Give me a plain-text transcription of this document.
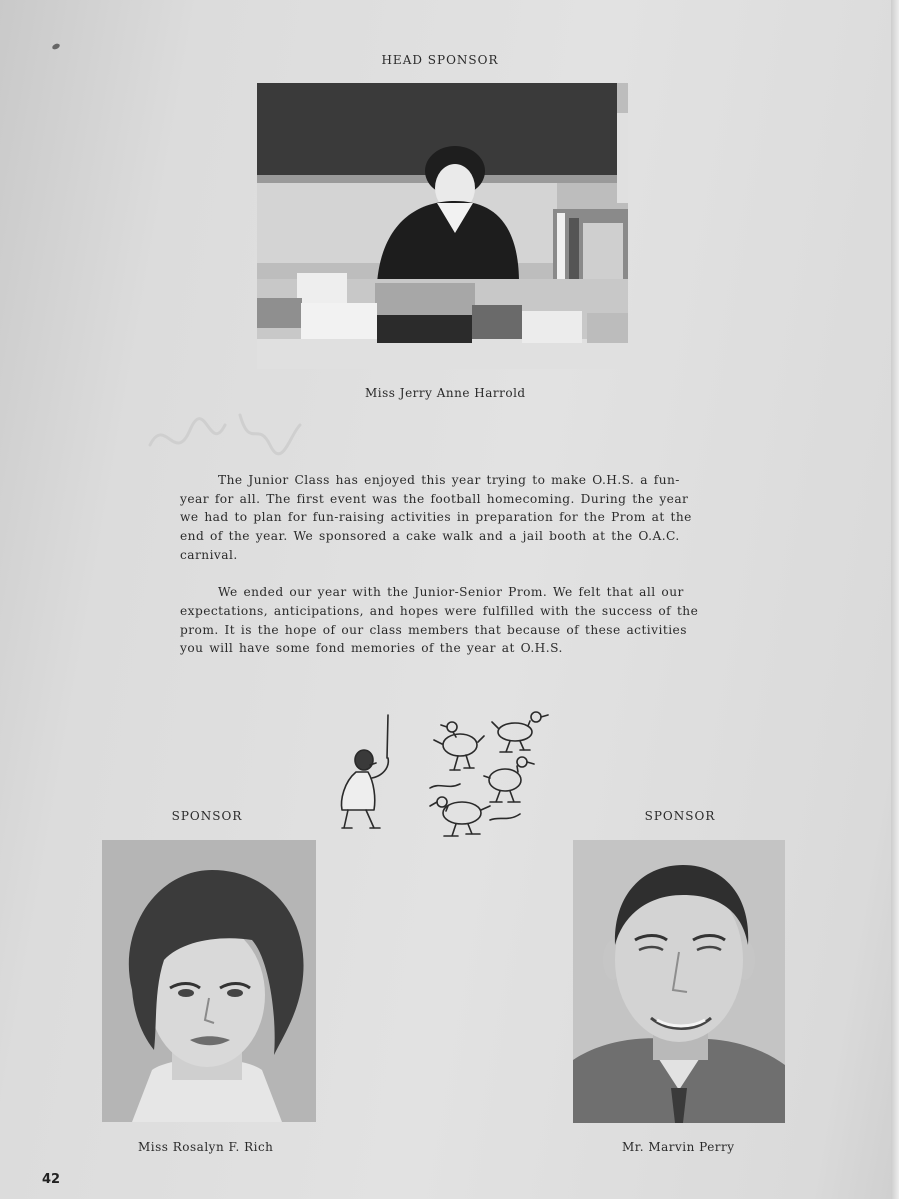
HEAD SPONSOR
Miss Jerry Anne Harrold

The Junior Class has enjoyed this year trying to make O.H.S. a fun-year for all. The first event was the football homecoming. During the year we had to plan for fun-raising activities in preparation for the Prom at the end of the year. We sponsored a cake walk and a jail booth at the O.A.C. carnival.

We ended our year with the Junior-Senior Prom. We felt that all our expectations, anticipations, and hopes were fulfilled with the success of the prom. It is the hope of our class members that because of these activities you will have some fond memories of the year at O.H.S.

SPONSOR
Miss Rosalyn F. Rich
SPONSOR
Mr. Marvin Perry
42
